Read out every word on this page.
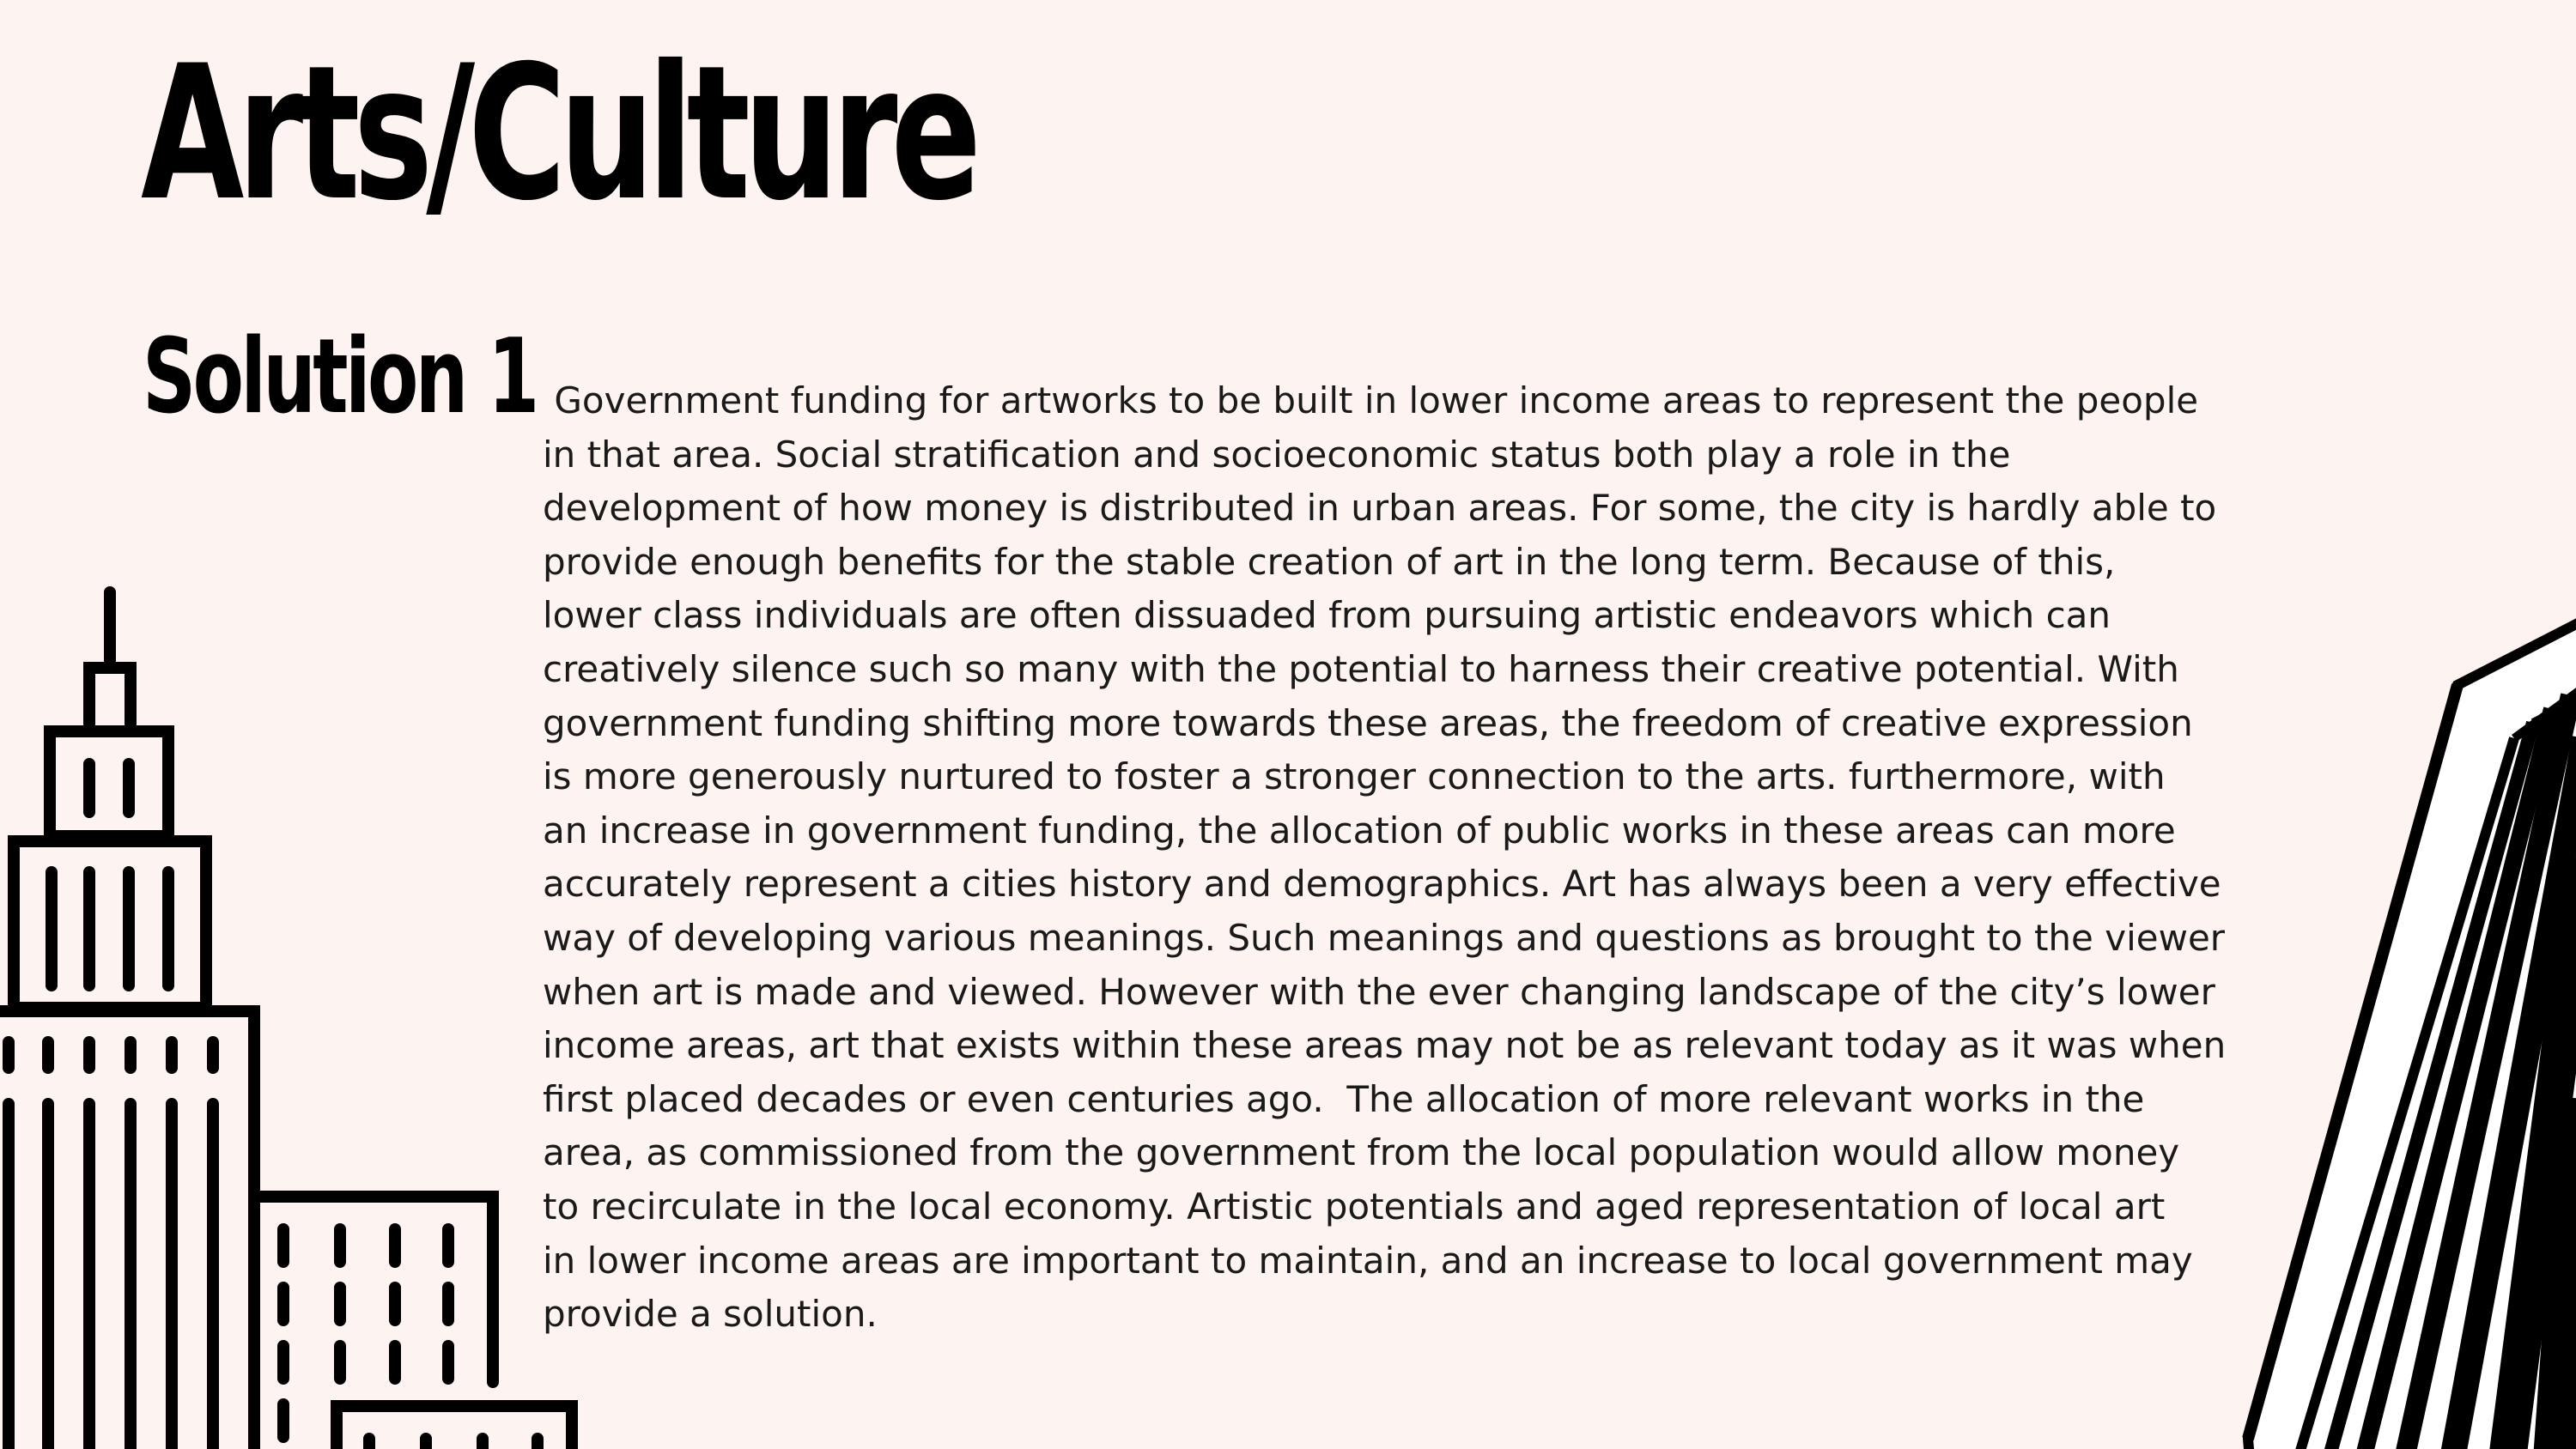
Arts/Culture
Solution 1 Government funding for artworks to be built in lower income areas to represent the people
in that area. Social stratification and socioeconomic status both play a role in the
development of how money is distributed in urban areas. For some, the city is hardly able to
provide enough benefits for the stable creation of art in the long term. Because of this,
lower class individuals are often dissuaded from pursuing artistic endeavors which can
creatively silence such so many with the potential to harness their creative potential. With
government funding shifting more towards these areas, the freedom of creative expression
is more generously nurtured to foster a stronger connection to the arts. furthermore, with
an increase in government funding, the allocation of public works in these areas can more
accurately represent a cities history and demographics. Art has always been a very effective
way of developing various meanings. Such meanings and questions as brought to the viewer
when art is made and viewed. However with the ever changing landscape of the city’s lower
income areas, art that exists within these areas may not be as relevant today as it was when
first placed decades or even centuries ago.  The allocation of more relevant works in the
area, as commissioned from the government from the local population would allow money
to recirculate in the local economy. Artistic potentials and aged representation of local art
in lower income areas are important to maintain, and an increase to local government may
provide a solution.
